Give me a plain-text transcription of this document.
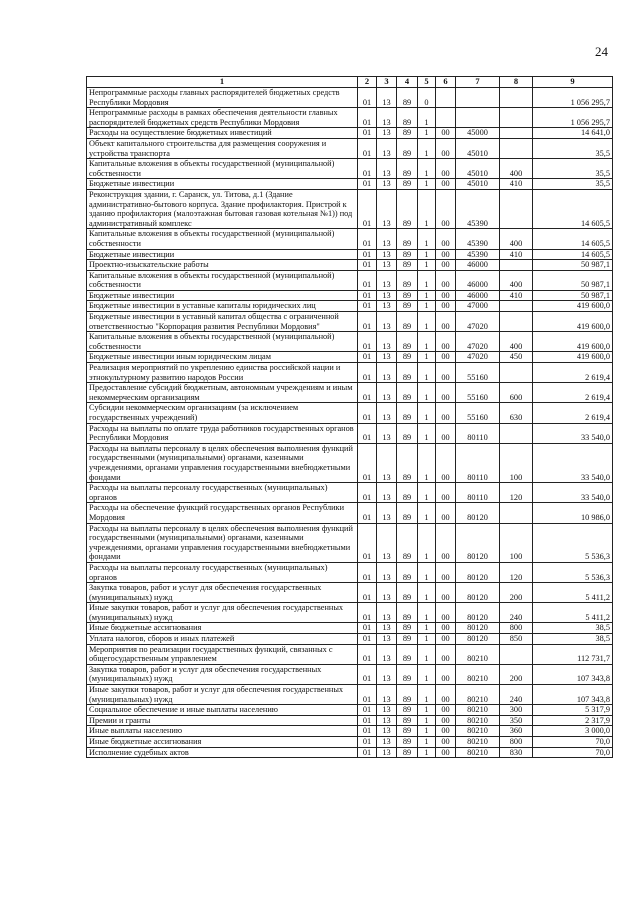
24
1	2	3	4	5	6	7	8	9
Непрограммные расходы главных распорядителей бюджетных средств Республики Мордовия	01	13	89	0				1 056 295,7
Непрограммные расходы в рамках обеспечения деятельности главных распорядителей бюджетных средств Республики Мордовия	01	13	89	1				1 056 295,7
Расходы на осуществление бюджетных инвестиций	01	13	89	1	00	45000		14 641,0
Объект капитального строительства для размещения сооружения и устройства транспорта	01	13	89	1	00	45010		35,5
Капитальные вложения в объекты государственной (муниципальной) собственности	01	13	89	1	00	45010	400	35,5
Бюджетные инвестиции	01	13	89	1	00	45010	410	35,5
Реконструкция здании, г. Саранск, ул. Титова, д.1 (Здание административно-бытового корпуса. Здание профилактория. Пристрой к зданию профилактория (малоэтажная бытовая газовая котельная №1)) под административный комплекс	01	13	89	1	00	45390		14 605,5
Капитальные вложения в объекты государственной (муниципальной) собственности	01	13	89	1	00	45390	400	14 605,5
Бюджетные инвестиции	01	13	89	1	00	45390	410	14 605,5
Проектно-изыскательские работы	01	13	89	1	00	46000		50 987,1
Капитальные вложения в объекты государственной (муниципальной) собственности	01	13	89	1	00	46000	400	50 987,1
Бюджетные инвестиции	01	13	89	1	00	46000	410	50 987,1
Бюджетные инвестиции в уставные капиталы юридических лиц	01	13	89	1	00	47000		419 600,0
Бюджетные инвестиции в уставный капитал общества с ограниченной ответственностью "Корпорация развития Республики Мордовия"	01	13	89	1	00	47020		419 600,0
Капитальные вложения в объекты государственной (муниципальной) собственности	01	13	89	1	00	47020	400	419 600,0
Бюджетные инвестиции иным юридическим лицам	01	13	89	1	00	47020	450	419 600,0
Реализация мероприятий по укреплению единства российской нации и этнокультурному развитию народов России	01	13	89	1	00	55160		2 619,4
Предоставление субсидий бюджетным, автономным учреждениям и иным некоммерческим организациям	01	13	89	1	00	55160	600	2 619,4
Субсидии некоммерческим организациям (за исключением государственных учреждений)	01	13	89	1	00	55160	630	2 619,4
Расходы на выплаты по оплате труда работников государственных органов Республики Мордовия	01	13	89	1	00	80110		33 540,0
Расходы на выплаты персоналу в целях обеспечения выполнения функций государственными (муниципальными) органами, казенными учреждениями, органами управления государственными внебюджетными фондами	01	13	89	1	00	80110	100	33 540,0
Расходы на выплаты персоналу государственных (муниципальных) органов	01	13	89	1	00	80110	120	33 540,0
Расходы на обеспечение функций государственных органов Республики Мордовия	01	13	89	1	00	80120		10 986,0
Расходы на выплаты персоналу в целях обеспечения выполнения функций государственными (муниципальными) органами, казенными учреждениями, органами управления государственными внебюджетными фондами	01	13	89	1	00	80120	100	5 536,3
Расходы на выплаты персоналу государственных (муниципальных) органов	01	13	89	1	00	80120	120	5 536,3
Закупка товаров, работ и услуг для обеспечения государственных (муниципальных) нужд	01	13	89	1	00	80120	200	5 411,2
Иные закупки товаров, работ и услуг для обеспечения государственных (муниципальных) нужд	01	13	89	1	00	80120	240	5 411,2
Иные бюджетные ассигнования	01	13	89	1	00	80120	800	38,5
Уплата налогов, сборов и иных платежей	01	13	89	1	00	80120	850	38,5
Мероприятия по реализации государственных функций, связанных с общегосударственным управлением	01	13	89	1	00	80210		112 731,7
Закупка товаров, работ и услуг для обеспечения государственных (муниципальных) нужд	01	13	89	1	00	80210	200	107 343,8
Иные закупки товаров, работ и услуг для обеспечения государственных (муниципальных) нужд	01	13	89	1	00	80210	240	107 343,8
Социальное обеспечение и иные выплаты населению	01	13	89	1	00	80210	300	5 317,9
Премии и гранты	01	13	89	1	00	80210	350	2 317,9
Иные выплаты населению	01	13	89	1	00	80210	360	3 000,0
Иные бюджетные ассигнования	01	13	89	1	00	80210	800	70,0
Исполнение судебных актов	01	13	89	1	00	80210	830	70,0
